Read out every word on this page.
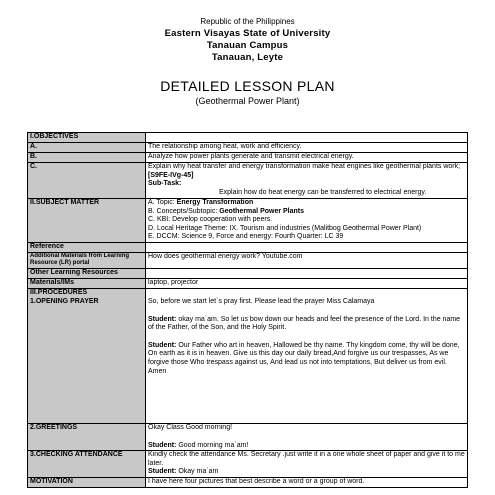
Republic of the Philippines
Eastern Visayas State of University
Tanauan Campus
Tanauan, Leyte
DETAILED LESSON PLAN
(Geothermal Power Plant)
I.OBJECTIVES	
A.	The relationship among heat, work and efficiency.
B.	Analyze how power plants generate and transmit electrical energy.
C.	Explain why heat transfer and energy transformation make heat engines like geothermal plants work; [S9FE-IVg-45]
Sub-Task:

Explain how do heat energy can be transferred to electrical energy.

II.SUBJECT MATTER	A. Topic: Energy Transformation
B. Concepts/Subtopic: Geothermal Power Plants
C. KBI: Develop cooperation with peers.
D. Local Heritage Theme: IX. Tourism and industries (Malitbog Geothermal Power Plant)
E. DCCM: Science 9, Force and energy: Fourth Quarter: LC 39
Reference	
Additional Materials from Learning Resource (LR) portal	How does geothermal energy work? Youtube.com
Other Learning Resources	
Materials/IMs	laptop, projector
III.PROCEDURES
1.OPENING PRAYER	So, before we start let`s pray first. Please lead the prayer Miss Calamaya
Student: okay ma`am. So let us bow down our heads and feel the presence of the Lord. In the name of the Father, of the Son, and the Holy Spirit.
Student: Our Father who art in heaven, Hallowed be thy name. Thy kingdom come, thy will be done, On earth as it is in heaven. Give us this day our daily bread,And forgive us our trespasses, As we forgive those Who trespass against us, And lead us not into temptations, But deliver us from evil. Amen
2.GREETINGS	Okay Class Good morning!
Student: Good morning ma`am!
3.CHECKING ATTENDANCE	Kindly check the attendance Ms. Secretary .just write it in a one whole sheet of paper and give it to me later.
Student: Okay ma`am
MOTIVATION	I have here four pictures that best describe a word or a group of word.
